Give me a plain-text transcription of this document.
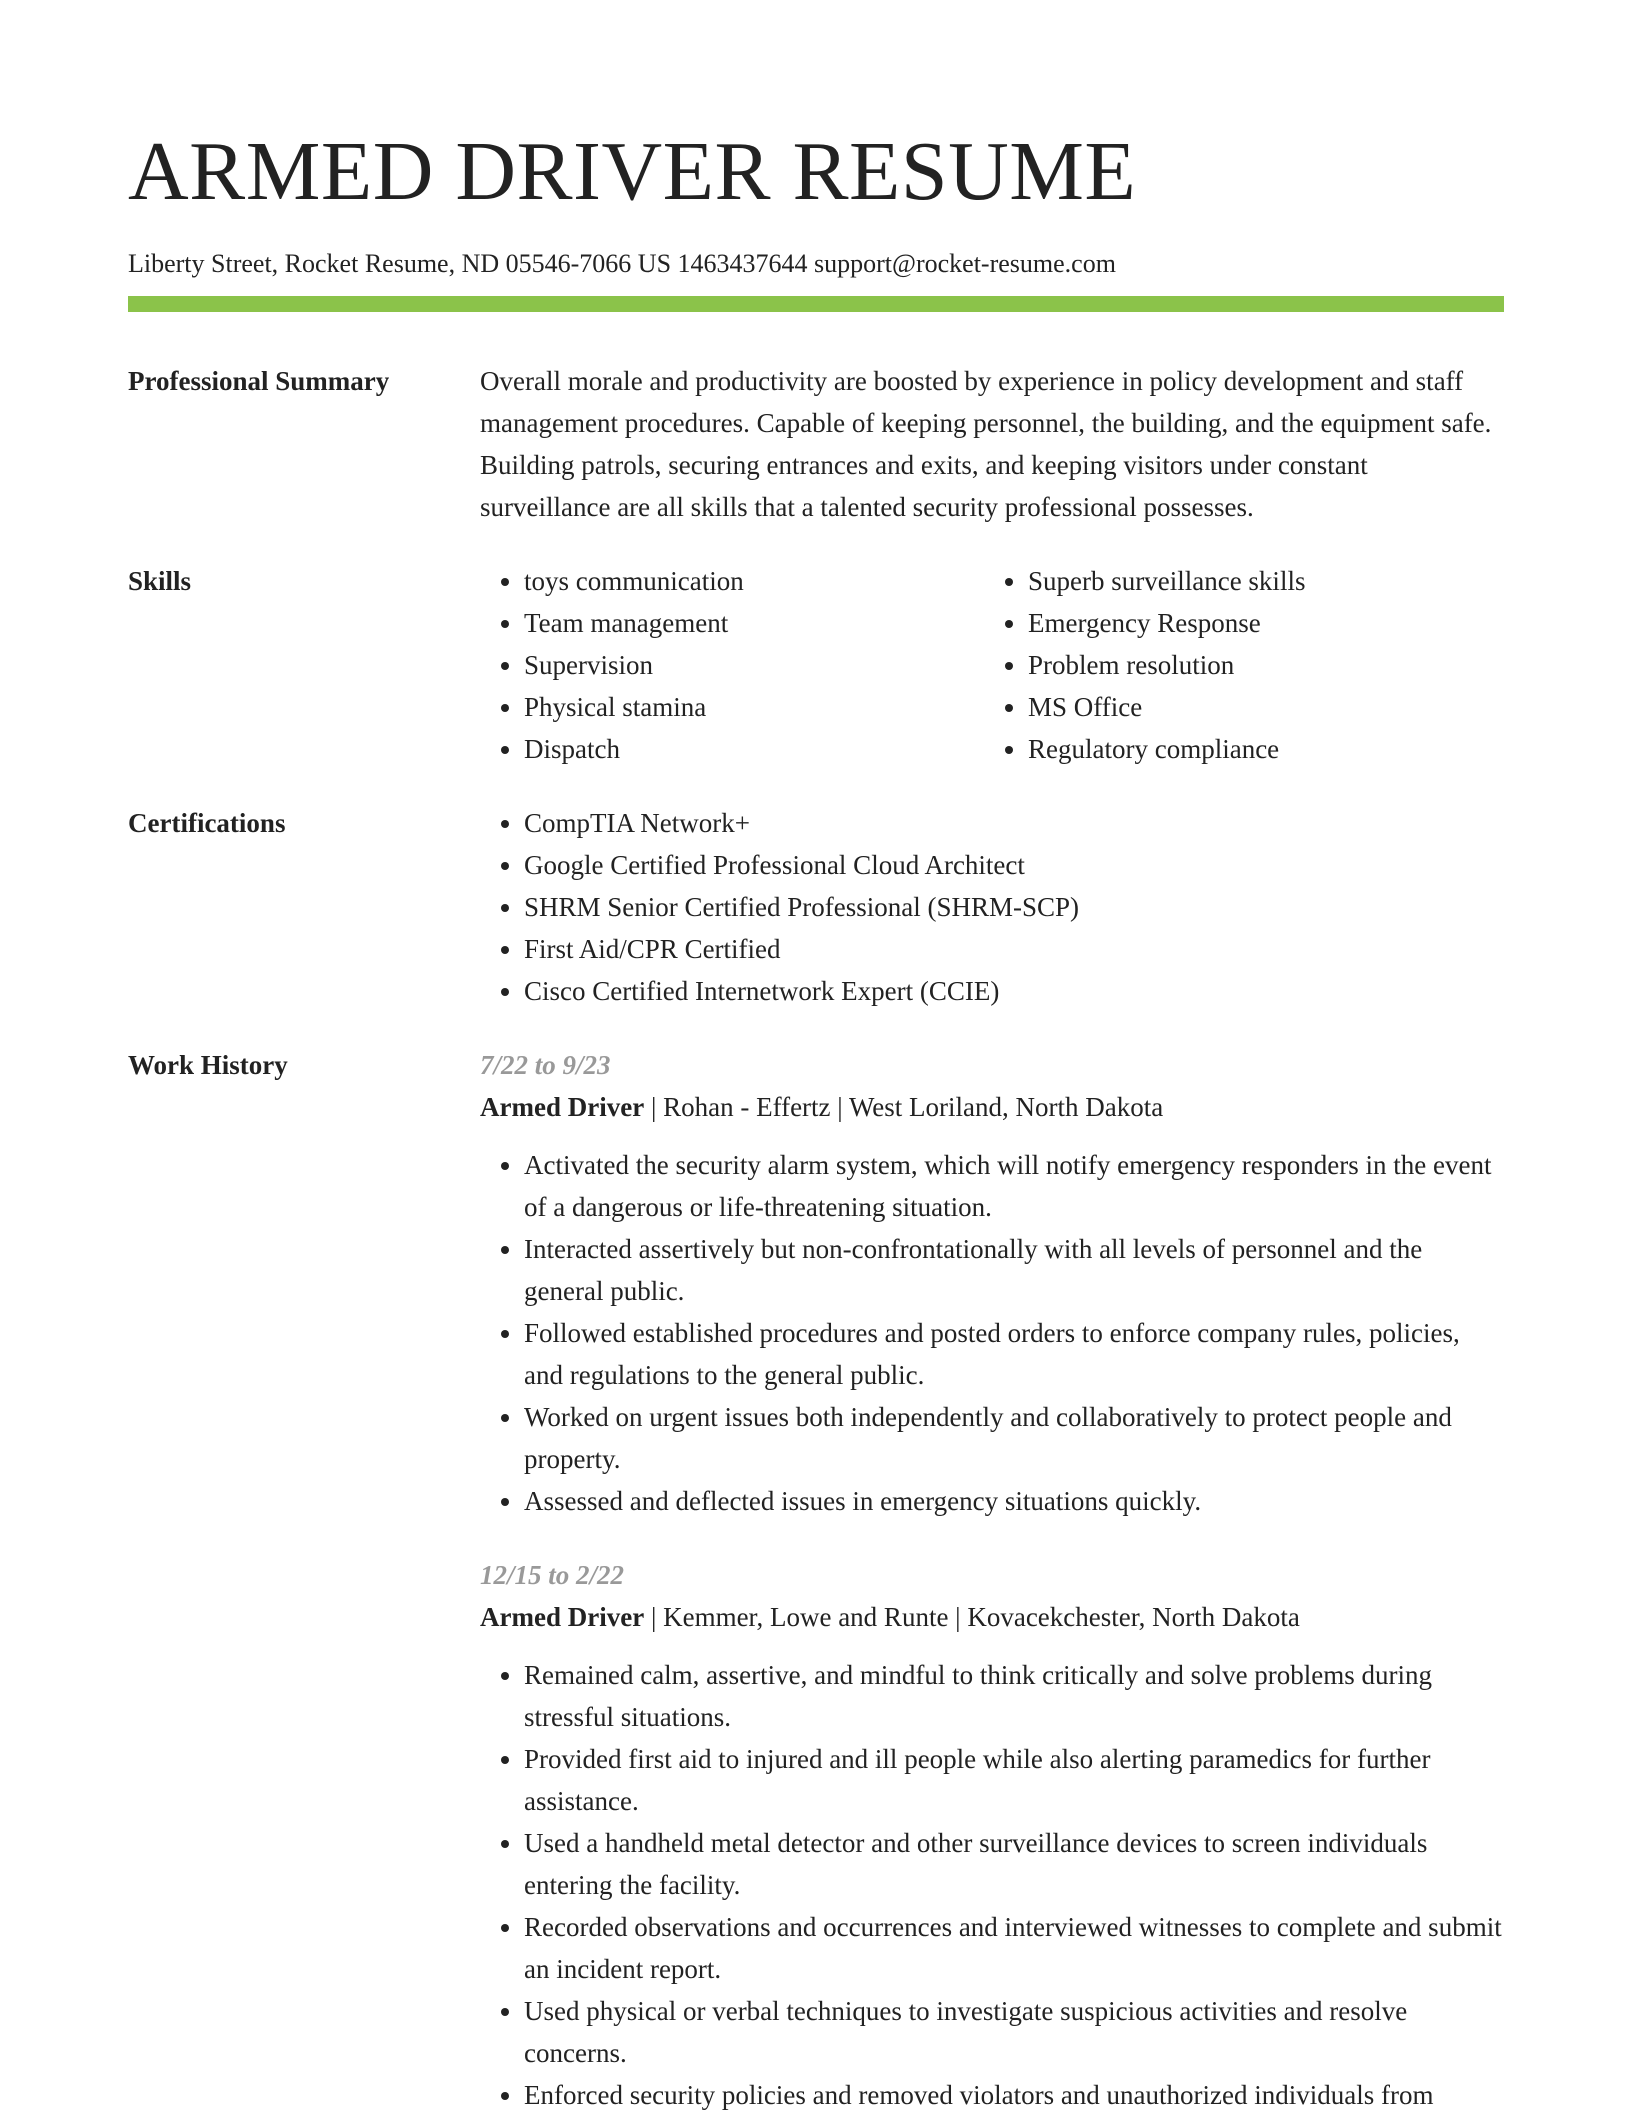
ARMED DRIVER RESUME
Liberty Street, Rocket Resume, ND 05546-7066 US 1463437644 support@rocket-resume.com
Professional Summary	Overall morale and productivity are boosted by experience in policy development and staff management procedures. Capable of keeping personnel, the building, and the equipment safe. Building patrols, securing entrances and exits, and keeping visitors under constant surveillance are all skills that a talented security professional possesses.
Skills	• toys communication
• Team management
• Supervision
• Physical stamina
• Dispatch
• Superb surveillance skills
• Emergency Response
• Problem resolution
• MS Office
• Regulatory compliance
Certifications	• CompTIA Network+
• Google Certified Professional Cloud Architect
• SHRM Senior Certified Professional (SHRM-SCP)
• First Aid/CPR Certified
• Cisco Certified Internetwork Expert (CCIE)
Work History	7/22 to 9/23
Armed Driver | Rohan - Effertz | West Loriland, North Dakota
• Activated the security alarm system, which will notify emergency responders in the event of a dangerous or life-threatening situation.
• Interacted assertively but non-confrontationally with all levels of personnel and the general public.
• Followed established procedures and posted orders to enforce company rules, policies, and regulations to the general public.
• Worked on urgent issues both independently and collaboratively to protect people and property.
• Assessed and deflected issues in emergency situations quickly.
12/15 to 2/22
Armed Driver | Kemmer, Lowe and Runte | Kovacekchester, North Dakota
• Remained calm, assertive, and mindful to think critically and solve problems during stressful situations.
• Provided first aid to injured and ill people while also alerting paramedics for further assistance.
• Used a handheld metal detector and other surveillance devices to screen individuals entering the facility.
• Recorded observations and occurrences and interviewed witnesses to complete and submit an incident report.
• Used physical or verbal techniques to investigate suspicious activities and resolve concerns.
• Enforced security policies and removed violators and unauthorized individuals from
